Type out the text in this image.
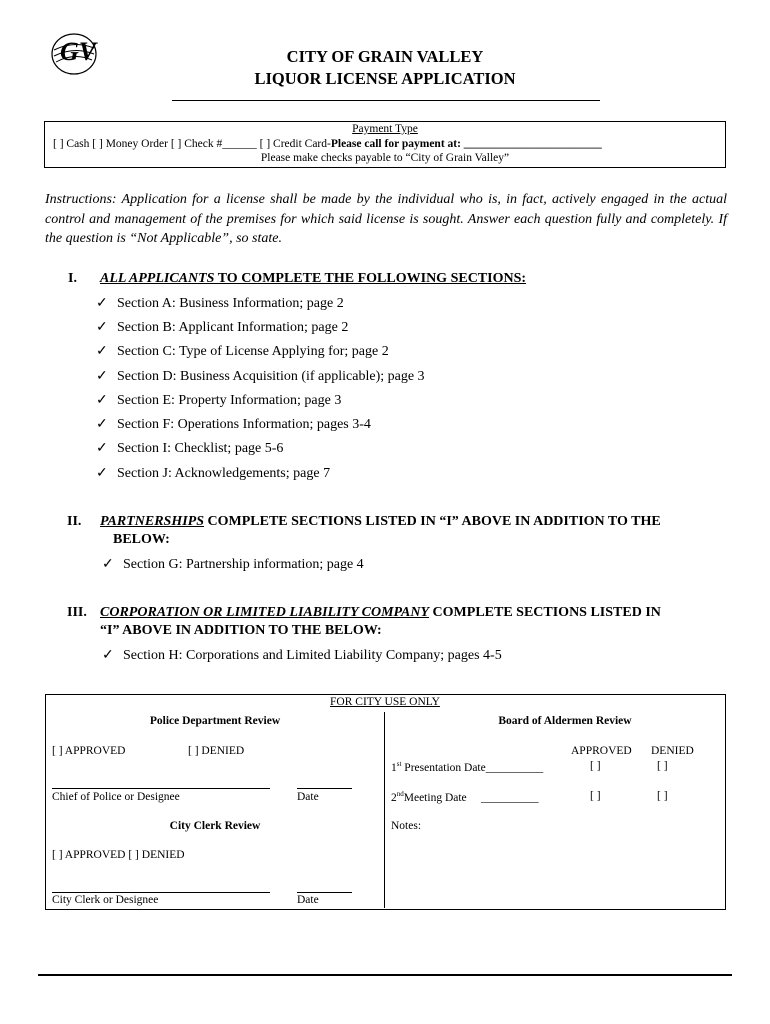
GV	CITY OF GRAIN VALLEY
LIQUOR LICENSE APPLICATION
Payment Type
[ ] Cash [ ] Money Order [ ] Check #______ [ ] Credit Card-Please call for payment at: ________________________
Please make checks payable to “City of Grain Valley”
Instructions: Application for a license shall be made by the individual who is, in fact, actively engaged in the actual control and management of the premises for which said license is sought. Answer each question fully and completely. If the question is “Not Applicable”, so state.
I. ALL APPLICANTS TO COMPLETE THE FOLLOWING SECTIONS:
✓ Section A: Business Information; page 2
✓ Section B: Applicant Information; page 2
✓ Section C: Type of License Applying for; page 2
✓ Section D: Business Acquisition (if applicable); page 3
✓ Section E: Property Information; page 3
✓ Section F: Operations Information; pages 3-4
✓ Section I: Checklist; page 5-6
✓ Section J: Acknowledgements; page 7
II. PARTNERSHIPS COMPLETE SECTIONS LISTED IN “I” ABOVE IN ADDITION TO THE
BELOW:
✓ Section G: Partnership information; page 4
III. CORPORATION OR LIMITED LIABILITY COMPANY COMPLETE SECTIONS LISTED IN
“I” ABOVE IN ADDITION TO THE BELOW:
✓ Section H: Corporations and Limited Liability Company; pages 4-5
FOR CITY USE ONLY
Police Department Review
[ ] APPROVED	[ ] DENIED
Chief of Police or Designee	Date
City Clerk Review
[ ] APPROVED [ ] DENIED
City Clerk or Designee	Date
Board of Aldermen Review
APPROVED DENIED
1st Presentation Date__________	[ ]	[ ]
2ndMeeting Date     __________	[ ]	[ ]
Notes:
